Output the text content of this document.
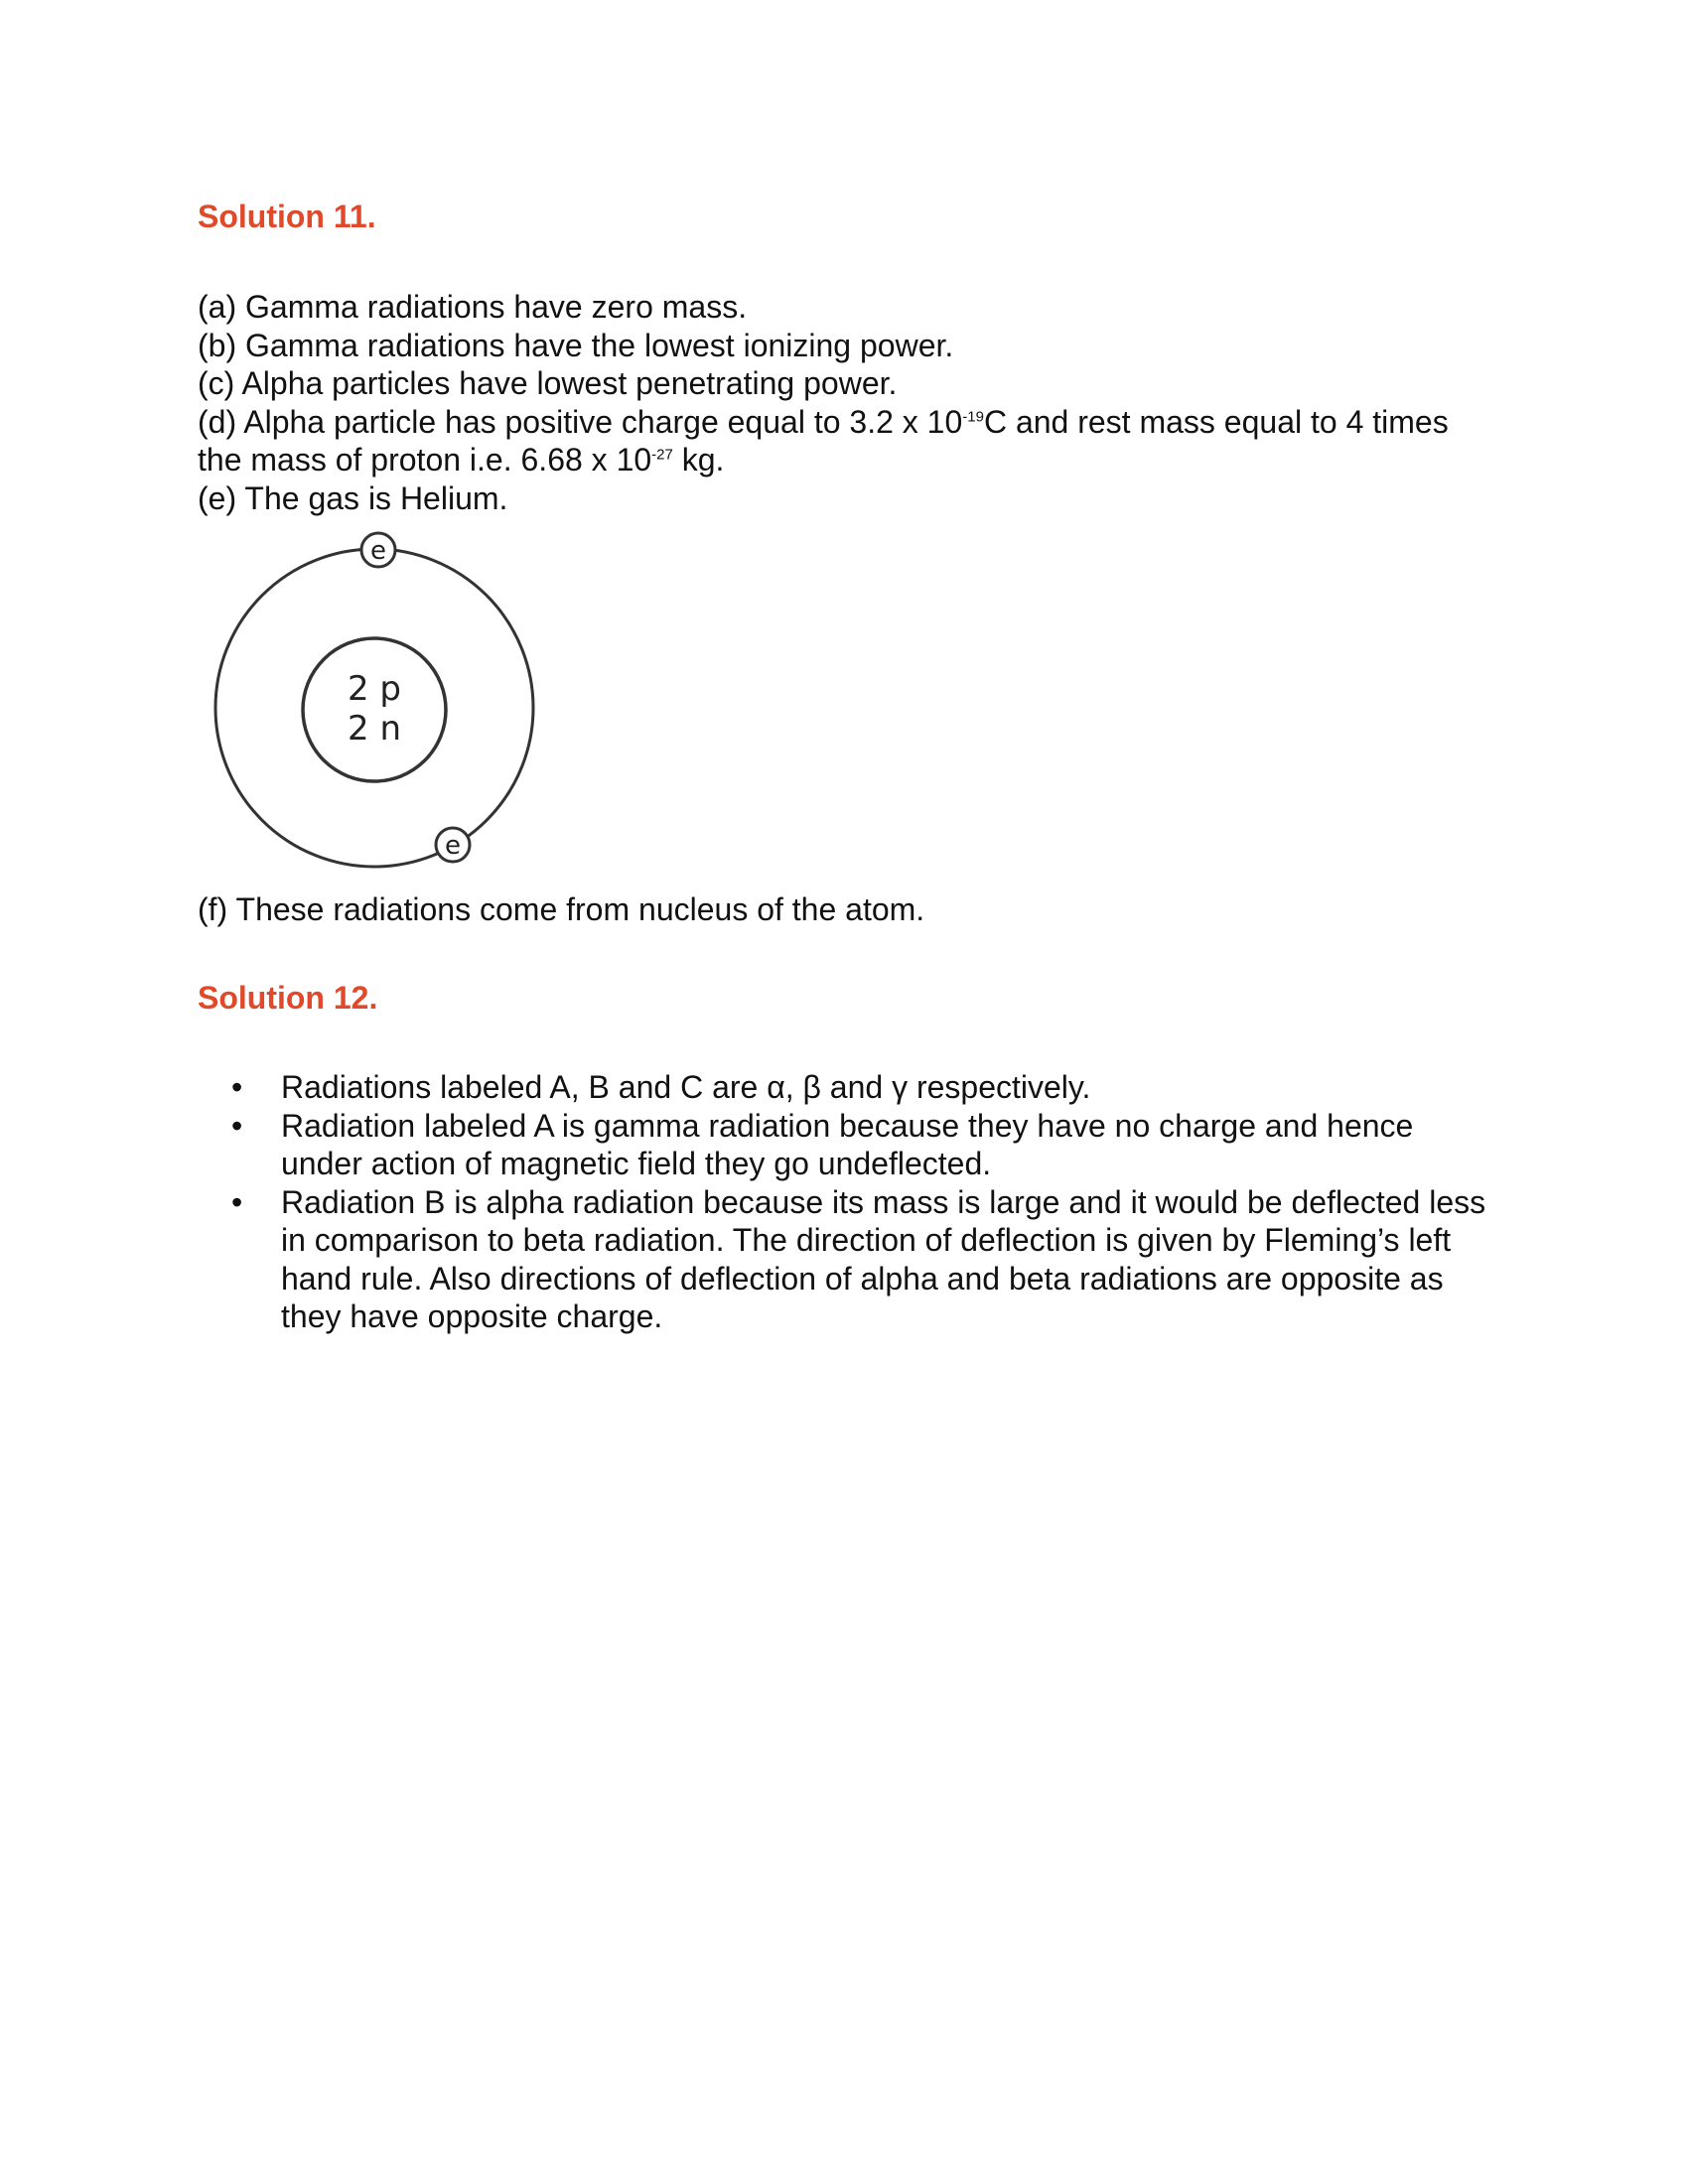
Solution 11.

(a) Gamma radiations have zero mass.

(b) Gamma radiations have the lowest ionizing power.

(c) Alpha particles have lowest penetrating power.

(d) Alpha particle has positive charge equal to 3.2 x $10^{-19}C$ and rest mass equal to 4 times the mass of proton i.e. 6.68 x $10^{-27}$ kg.

(e) The gas is Helium.

2 p
2 n
e
e

(f) These radiations come from nucleus of the atom.

Solution 12.
• Radiations labeled A, B and C are α, β and γ respectively.
• Radiation labeled A is gamma radiation because they have no charge and hence under action of magnetic field they go undeflected.
• Radiation B is alpha radiation because its mass is large and it would be deflected less in comparison to beta radiation. The direction of deflection is given by Fleming’s left hand rule. Also directions of deflection of alpha and beta radiations are opposite as they have opposite charge.
